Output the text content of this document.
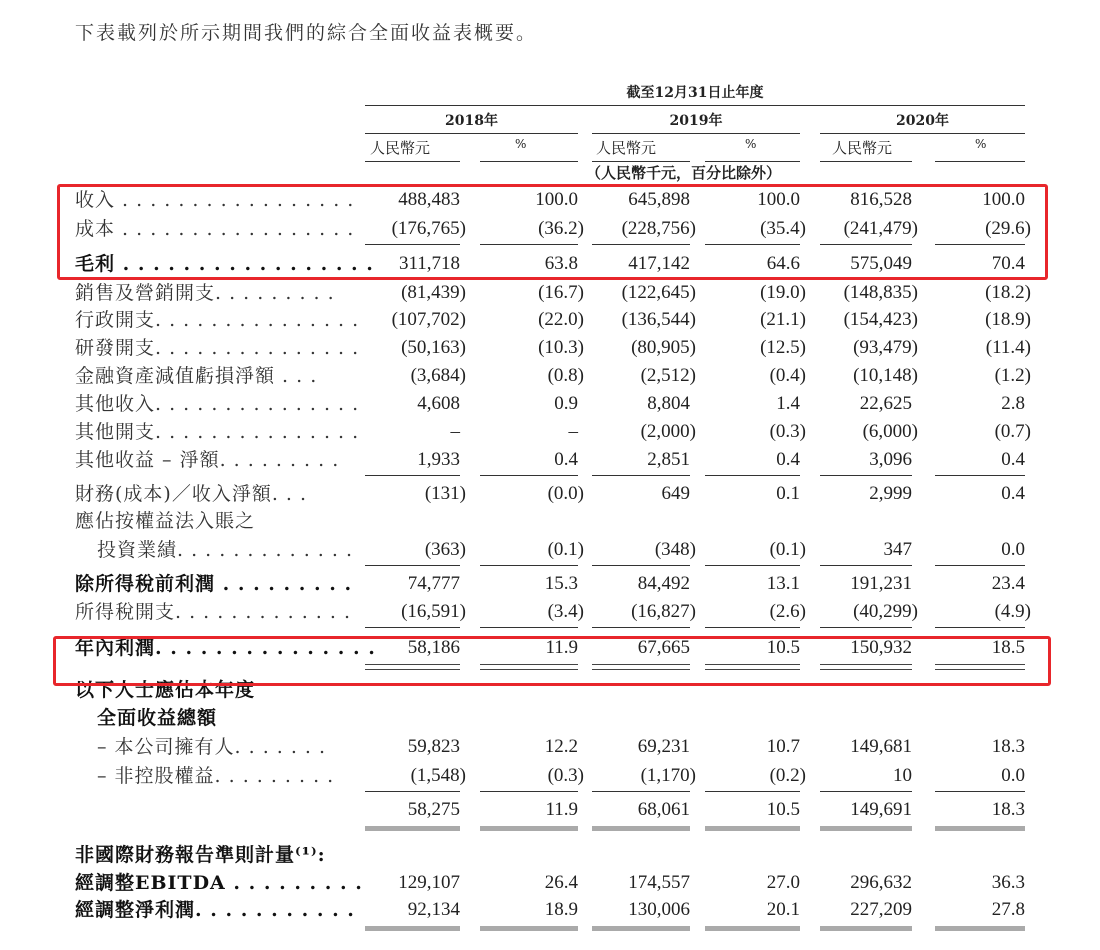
下表載列於所示期間我們的綜合全面收益表概要。
截至12月31日止年度
2018年	2019年	2020年
人民幣元	%	人民幣元	%	人民幣元	%
（人民幣千元，百分比除外）
收入 . . . . . . . . . . . . . . . . .	488,483	100.0	645,898	100.0	816,528	100.0
成本 . . . . . . . . . . . . . . . . .	(176,765)	(36.2)	(228,756)	(35.4)	(241,479)	(29.6)
毛利 . . . . . . . . . . . . . . . . .	311,718	63.8	417,142	64.6	575,049	70.4
銷售及營銷開支. . . . . . . . .	(81,439)	(16.7)	(122,645)	(19.0)	(148,835)	(18.2)
行政開支. . . . . . . . . . . . . . .	(107,702)	(22.0)	(136,544)	(21.1)	(154,423)	(18.9)
研發開支. . . . . . . . . . . . . . .	(50,163)	(10.3)	(80,905)	(12.5)	(93,479)	(11.4)
金融資產減值虧損淨額 . . .	(3,684)	(0.8)	(2,512)	(0.4)	(10,148)	(1.2)
其他收入. . . . . . . . . . . . . . .	4,608	0.9	8,804	1.4	22,625	2.8
其他開支. . . . . . . . . . . . . . .	–	–	(2,000)	(0.3)	(6,000)	(0.7)
其他收益 – 淨額. . . . . . . . .	1,933	0.4	2,851	0.4	3,096	0.4
財務(成本)／收入淨額. . .	(131)	(0.0)	649	0.1	2,999	0.4
應佔按權益法入賬之
投資業績. . . . . . . . . . . . .	(363)	(0.1)	(348)	(0.1)	347	0.0
除所得稅前利潤 . . . . . . . . .	74,777	15.3	84,492	13.1	191,231	23.4
所得稅開支. . . . . . . . . . . . .	(16,591)	(3.4)	(16,827)	(2.6)	(40,299)	(4.9)
年內利潤. . . . . . . . . . . . . . .	58,186	11.9	67,665	10.5	150,932	18.5
以下人士應佔本年度
全面收益總額
– 本公司擁有人. . . . . . .	59,823	12.2	69,231	10.7	149,681	18.3
– 非控股權益. . . . . . . . .	(1,548)	(0.3)	(1,170)	(0.2)	10	0.0
58,275	11.9	68,061	10.5	149,691	18.3
非國際財務報告準則計量⁽¹⁾:
經調整EBITDA . . . . . . . . .	129,107	26.4	174,557	27.0	296,632	36.3
經調整淨利潤. . . . . . . . . . .	92,134	18.9	130,006	20.1	227,209	27.8
